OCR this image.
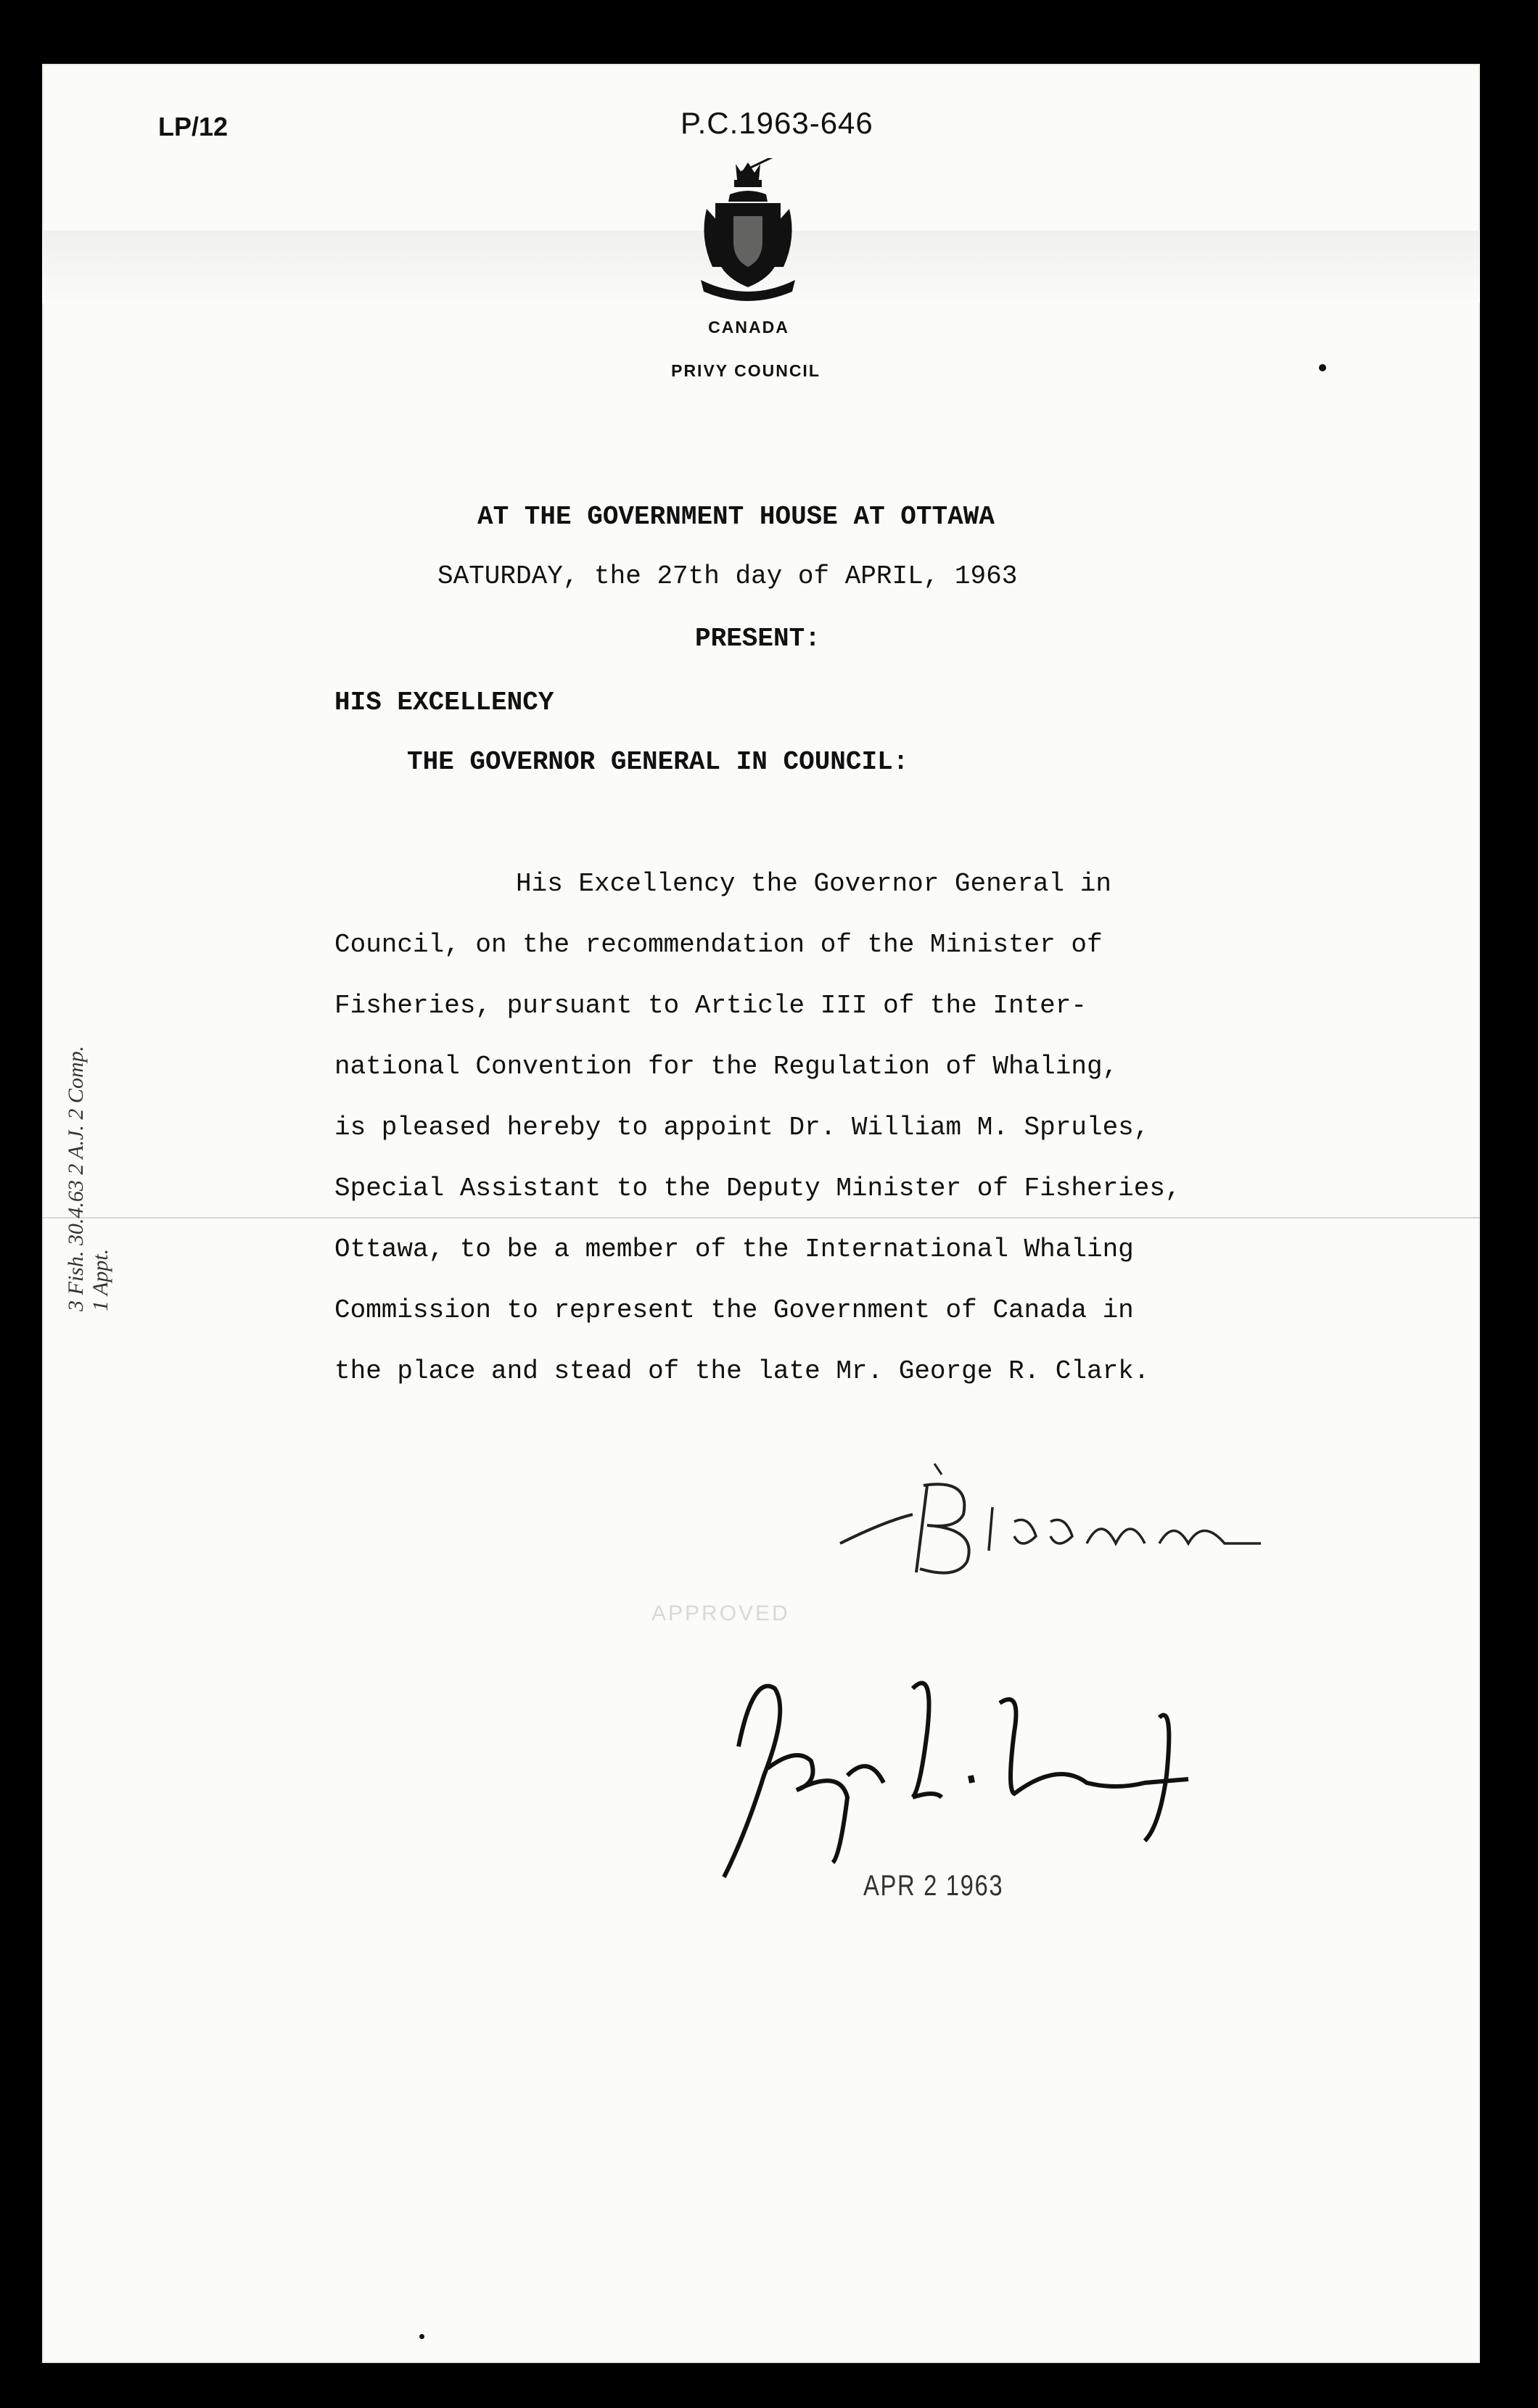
LP/12	P.C.1963-646
CANADA
PRIVY COUNCIL
AT THE GOVERNMENT HOUSE AT OTTAWA
SATURDAY, the 27th day of APRIL, 1963
PRESENT:
HIS EXCELLENCY
THE GOVERNOR GENERAL IN COUNCIL:
His Excellency the Governor General in
Council, on the recommendation of the Minister of
Fisheries, pursuant to Article III of the Inter-
national Convention for the Regulation of Whaling,
is pleased hereby to appoint Dr. William M. Sprules,
Special Assistant to the Deputy Minister of Fisheries,
Ottawa, to be a member of the International Whaling
Commission to represent the Government of Canada in
the place and stead of the late Mr. George R. Clark.
3 Fish. 30.4.63 2 A.J. 2 Comp. 1 Appt.
APPROVED
APR 2 1963
